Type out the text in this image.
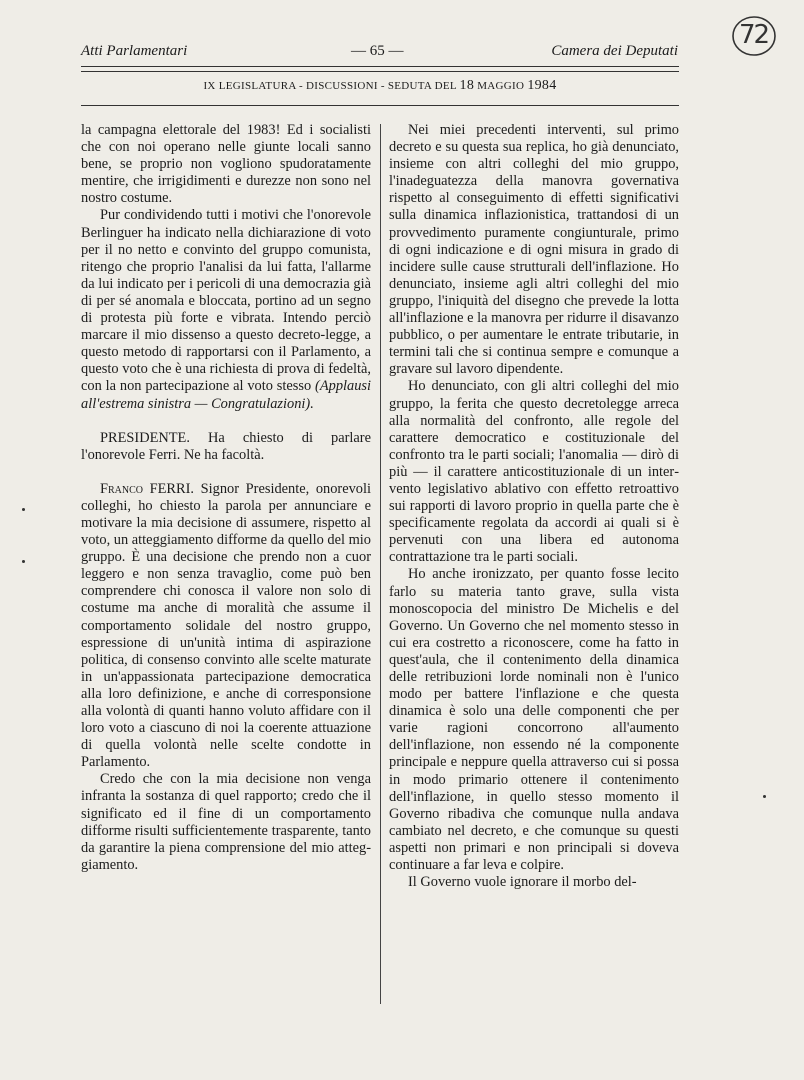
Atti Parlamentari	— 65 —	Camera dei Deputati
72
IX LEGISLATURA - DISCUSSIONI - SEDUTA DEL 18 MAGGIO 1984

la campagna elettorale del 1983! Ed i socialisti che con noi operano nelle giunte locali sanno bene, se proprio non vogliono spudoratamente mentire, che irrigidimenti e durezze non sono nel nostro costume.

Pur condividendo tutti i motivi che l'onorevole Berlinguer ha indicato nella dichiarazione di voto per il no netto e convinto del gruppo comunista, ritengo che proprio l'analisi da lui fatta, l'allarme da lui indicato per i pericoli di una democrazia già di per sé anomala e bloccata, portino ad un segno di protesta più forte e vibrata. Intendo perciò marcare il mio dissenso a questo decreto-legge, a questo metodo di rapportarsi con il Parlamento, a questo voto che è una richiesta di prova di fedeltà, con la non partecipazione al voto stesso (Applausi all'estrema sinistra — Congratulazioni).

PRESIDENTE. Ha chiesto di parlare l'onorevole Ferri. Ne ha facoltà.

Franco FERRI. Signor Presidente, onorevoli colleghi, ho chiesto la parola per annunciare e motivare la mia decisione di assumere, rispetto al voto, un atteggiamento difforme da quello del mio gruppo. È una decisione che prendo non a cuor leggero e non senza travaglio, come può ben comprendere chi conosca il valore non solo di costume ma anche di moralità che assume il comportamento solidale del nostro gruppo, espressione di un'unità intima di aspirazione politica, di consenso convinto alle scelte maturate in un'appassionata partecipazione democratica alla loro definizione, e anche di corresponsione alla volontà di quanti hanno voluto affidare con il loro voto a ciascuno di noi la coerente attuazione di quella volontà nelle scelte condotte in Parlamento.

Credo che con la mia decisione non venga infranta la sostanza di quel rapporto; credo che il significato ed il fine di un comportamento difforme risulti sufficientemente trasparente, tanto da garantire la piena comprensione del mio atteggiamento.

Nei miei precedenti interventi, sul primo decreto e su questa sua replica, ho già denunciato, insieme con altri colleghi del mio gruppo, l'inadeguatezza della manovra governativa rispetto al conseguimento di effetti significativi sulla dinamica inflazionistica, trattandosi di un provvedimento puramente congiunturale, primo di ogni indicazione e di ogni misura in grado di incidere sulle cause strutturali dell'inflazione. Ho denunciato, insieme agli altri colleghi del mio gruppo, l'iniquità del disegno che prevede la lotta all'inflazione e la manovra per ridurre il disavanzo pubblico, o per aumentare le entrate tributarie, in termini tali che si continua sempre e comunque a gravare sul lavoro dipendente.

Ho denunciato, con gli altri colleghi del mio gruppo, la ferita che questo decretolegge arreca alla normalità del confronto, alle regole del carattere democratico e costituzionale del confronto tra le parti sociali; l'anomalia — dirò di più — il carattere anticostituzionale di un intervento legislativo ablativo con effetto retroattivo sui rapporti di lavoro proprio in quella parte che è specificamente regolata da accordi ai quali si è pervenuti con una libera ed autonoma contrattazione tra le parti sociali.

Ho anche ironizzato, per quanto fosse lecito farlo su materia tanto grave, sulla vista monoscopocia del ministro De Michelis e del Governo. Un Governo che nel momento stesso in cui era costretto a riconoscere, come ha fatto in quest'aula, che il contenimento della dinamica delle retribuzioni lorde nominali non è l'unico modo per battere l'inflazione e che questa dinamica è solo una delle componenti che per varie ragioni concorrono all'aumento dell'inflazione, non essendo né la componente principale e neppure quella attraverso cui si possa in modo primario ottenere il contenimento dell'inflazione, in quello stesso momento il Governo ribadiva che comunque nulla andava cambiato nel decreto, e che comunque su questi aspetti non primari e non principali si doveva continuare a far leva e colpire.

Il Governo vuole ignorare il morbo del-
